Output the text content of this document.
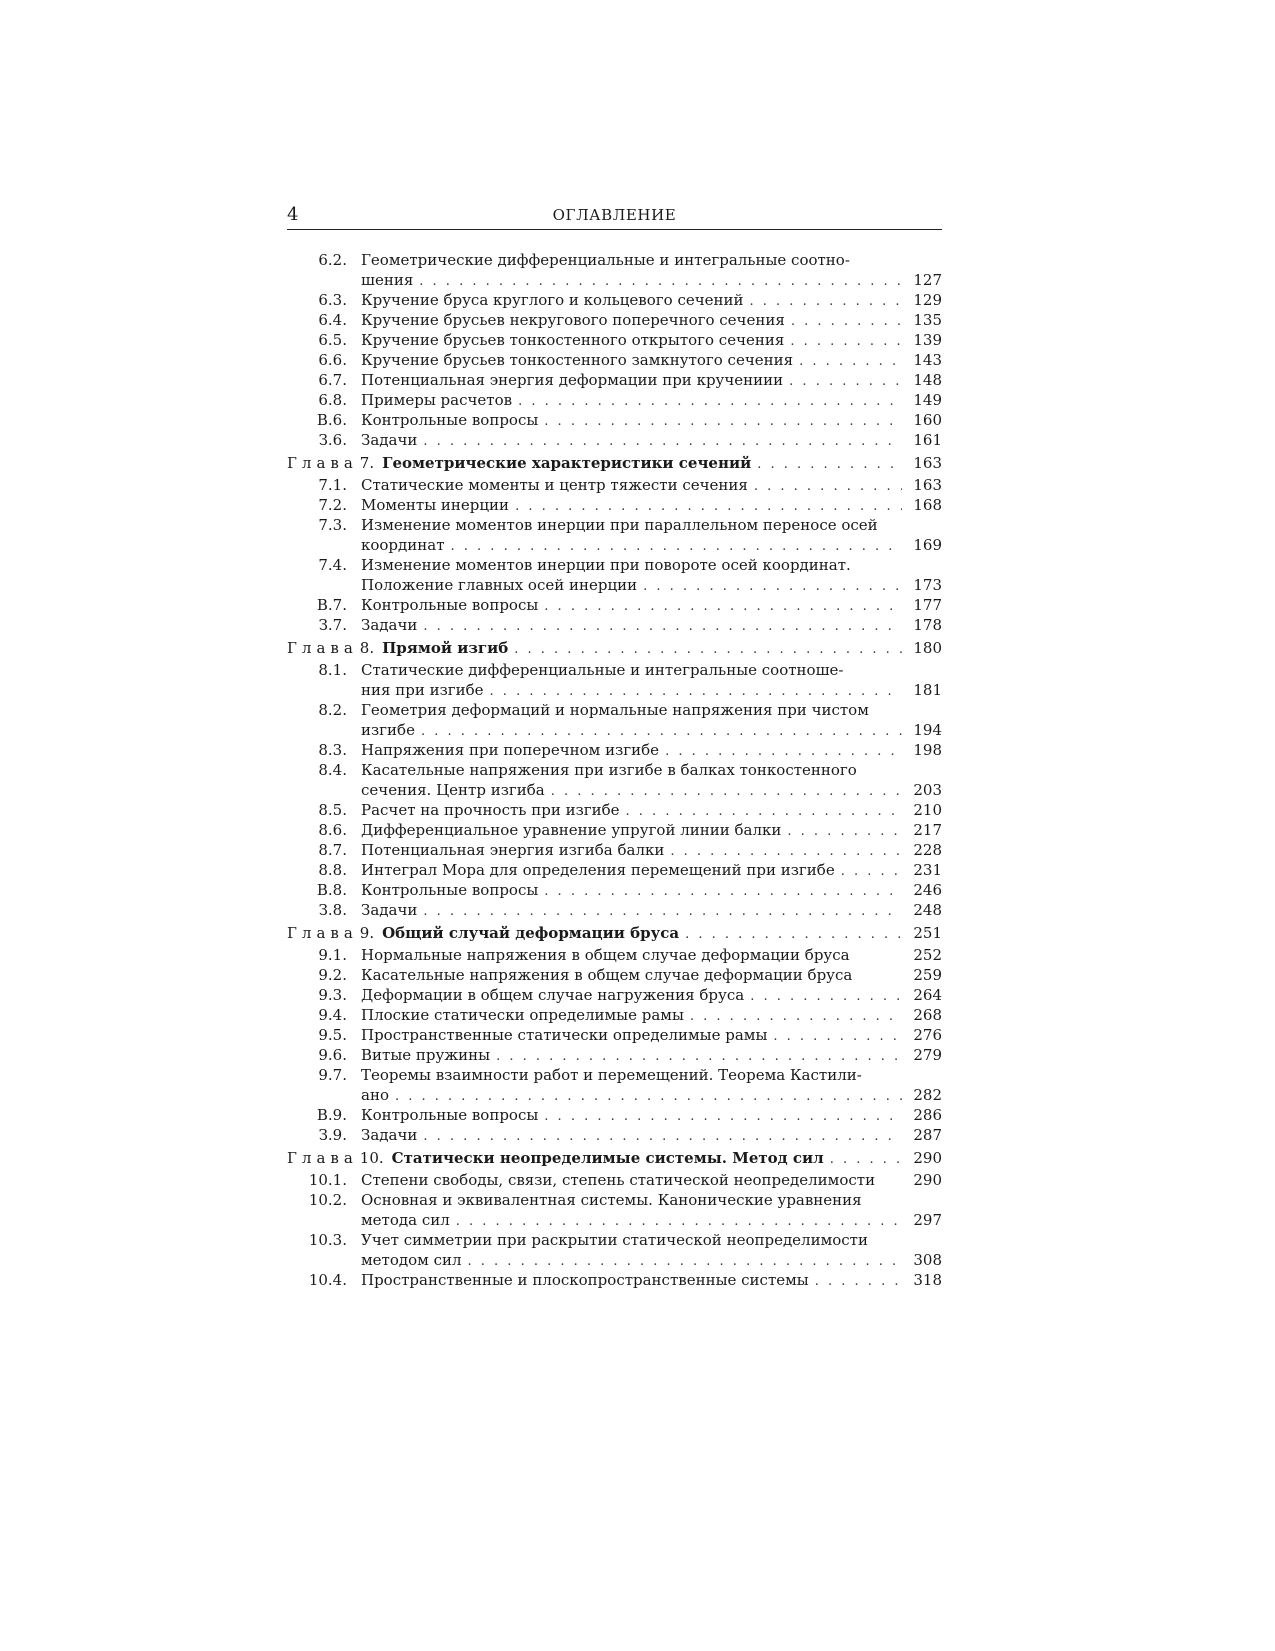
4	ОГЛАВЛЕНИЕ
6.2. Геометрические дифференциальные и интегральные соотно-
шения . . .	127
6.3. Кручение бруса круглого и кольцевого сечений . . .	129
6.4. Кручение брусьев некругового поперечного сечения . . .	135
6.5. Кручение брусьев тонкостенного открытого сечения . . .	139
6.6. Кручение брусьев тонкостенного замкнутого сечения . . .	143
6.7. Потенциальная энергия деформации при кручениии . . .	148
6.8. Примеры расчетов . . .	149
В.6. Контрольные вопросы . . .	160
З.6. Задачи . . .	161
Глава 7. Геометрические характеристики сечений . . .	163
7.1. Статические моменты и центр тяжести сечения . . .	163
7.2. Моменты инерции . . .	168
7.3. Изменение моментов инерции при параллельном переносе осей
координат . . .	169
7.4. Изменение моментов инерции при повороте осей координат.
Положение главных осей инерции . . .	173
В.7. Контрольные вопросы . . .	177
З.7. Задачи . . .	178
Глава 8. Прямой изгиб . . .	180
8.1. Статические дифференциальные и интегральные соотноше-
ния при изгибе . . .	181
8.2. Геометрия деформаций и нормальные напряжения при чистом
изгибе . . .	194
8.3. Напряжения при поперечном изгибе . . .	198
8.4. Касательные напряжения при изгибе в балках тонкостенного
сечения. Центр изгиба . . .	203
8.5. Расчет на прочность при изгибе . . .	210
8.6. Дифференциальное уравнение упругой линии балки . . .	217
8.7. Потенциальная энергия изгиба балки . . .	228
8.8. Интеграл Мора для определения перемещений при изгибе . . .	231
В.8. Контрольные вопросы . . .	246
З.8. Задачи . . .	248
Глава 9. Общий случай деформации бруса . . .	251
9.1. Нормальные напряжения в общем случае деформации бруса	252
9.2. Касательные напряжения в общем случае деформации бруса	259
9.3. Деформации в общем случае нагружения бруса . . .	264
9.4. Плоские статически определимые рамы . . .	268
9.5. Пространственные статически определимые рамы . . .	276
9.6. Витые пружины . . .	279
9.7. Теоремы взаимности работ и перемещений. Теорема Кастили-
ано . . .	282
В.9. Контрольные вопросы . . .	286
З.9. Задачи . . .	287
Глава 10. Статически неопределимые системы. Метод сил . . .	290
10.1. Степени свободы, связи, степень статической неопределимости	290
10.2. Основная и эквивалентная системы. Канонические уравнения
метода сил . . .	297
10.3. Учет симметрии при раскрытии статической неопределимости
методом сил . . .	308
10.4. Пространственные и плоскопространственные системы . . .	318
